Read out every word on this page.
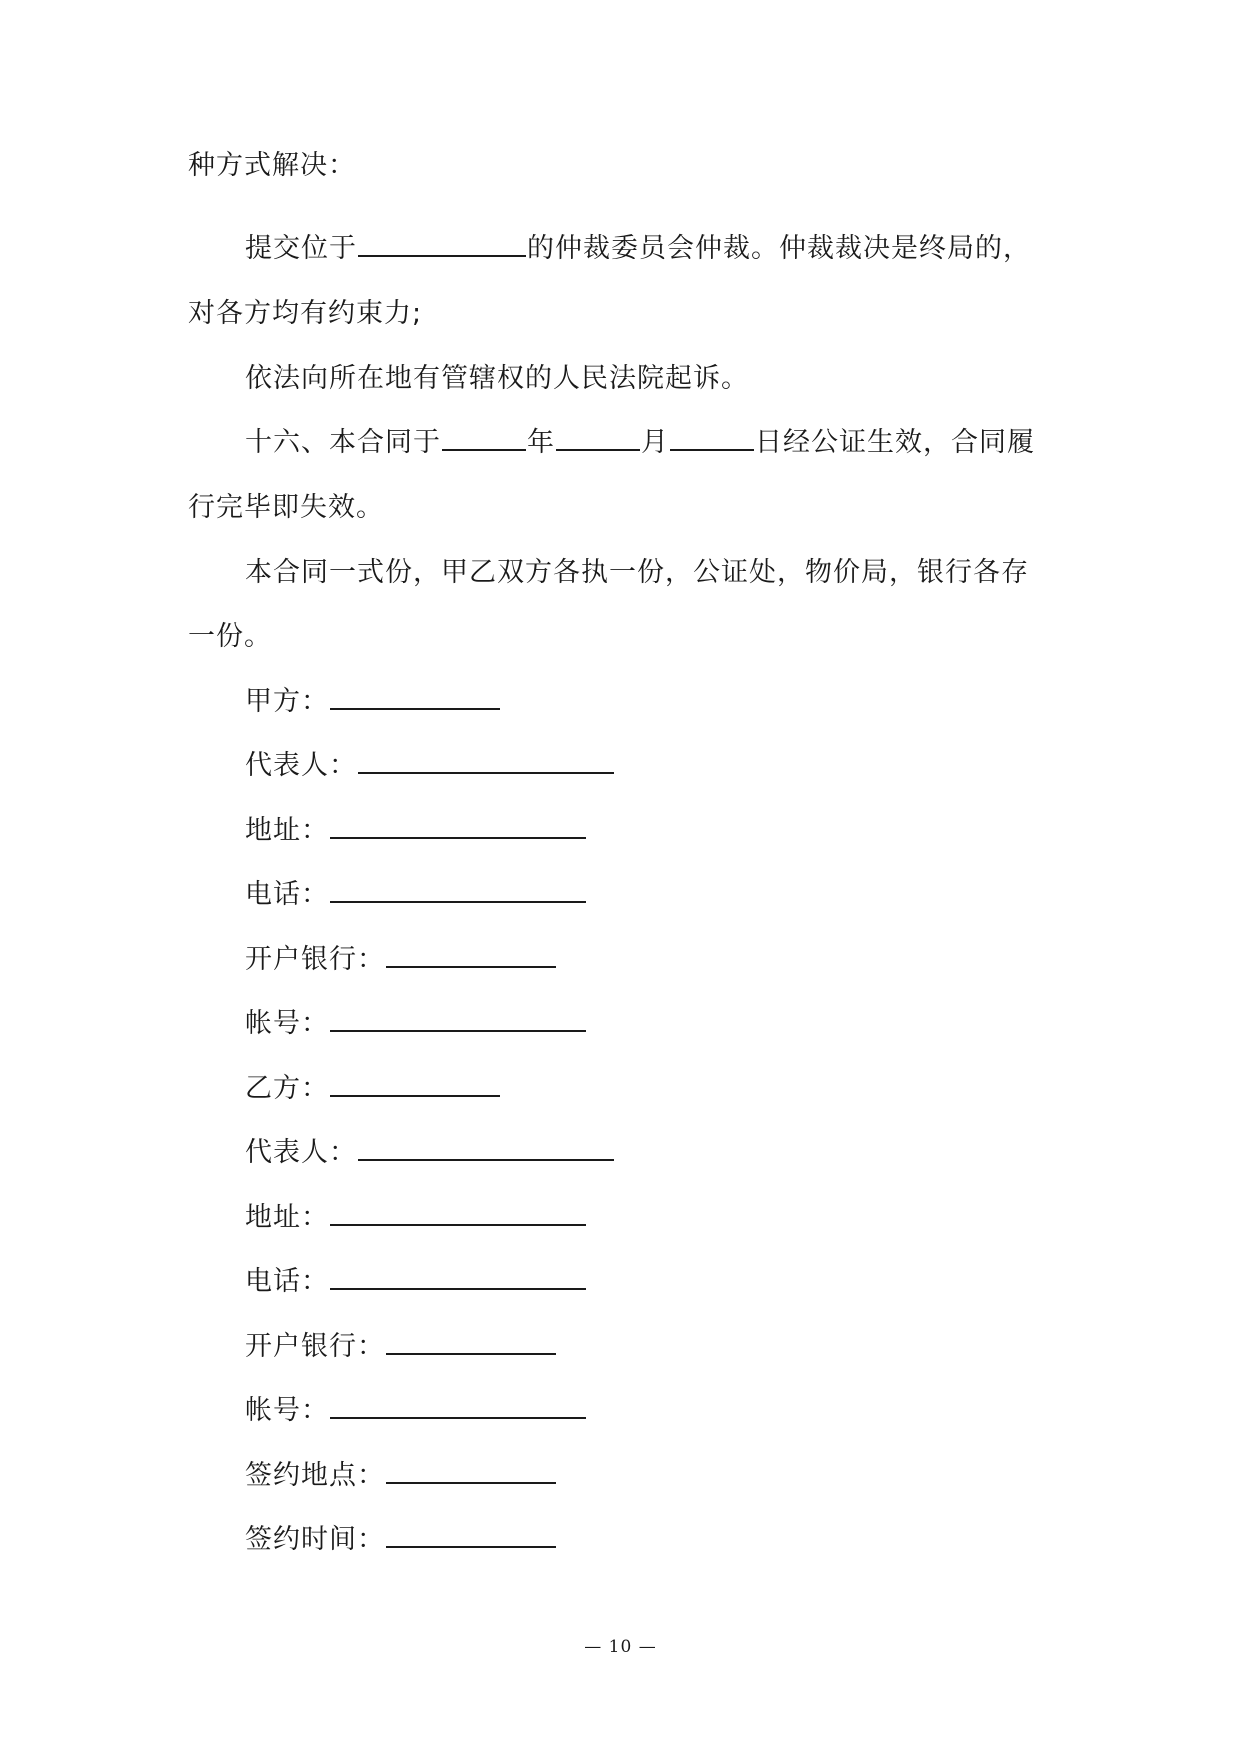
种方式解决：
提交位于	的仲裁委员会仲裁。仲裁裁决是终局的，
对各方均有约束力;
依法向所在地有管辖权的人民法院起诉。
十六、本合同于	年	月	日经公证生效，合同履
行完毕即失效。
本合同一式份，甲乙双方各执一份，公证处，物价局，银行各存
一份。
甲方：
代表人：
地址：
电话：
开户银行：
帐号：
乙方：
代表人：
地址：
电话：
开户银行：
帐号：
签约地点：
签约时间：
— 10 —
